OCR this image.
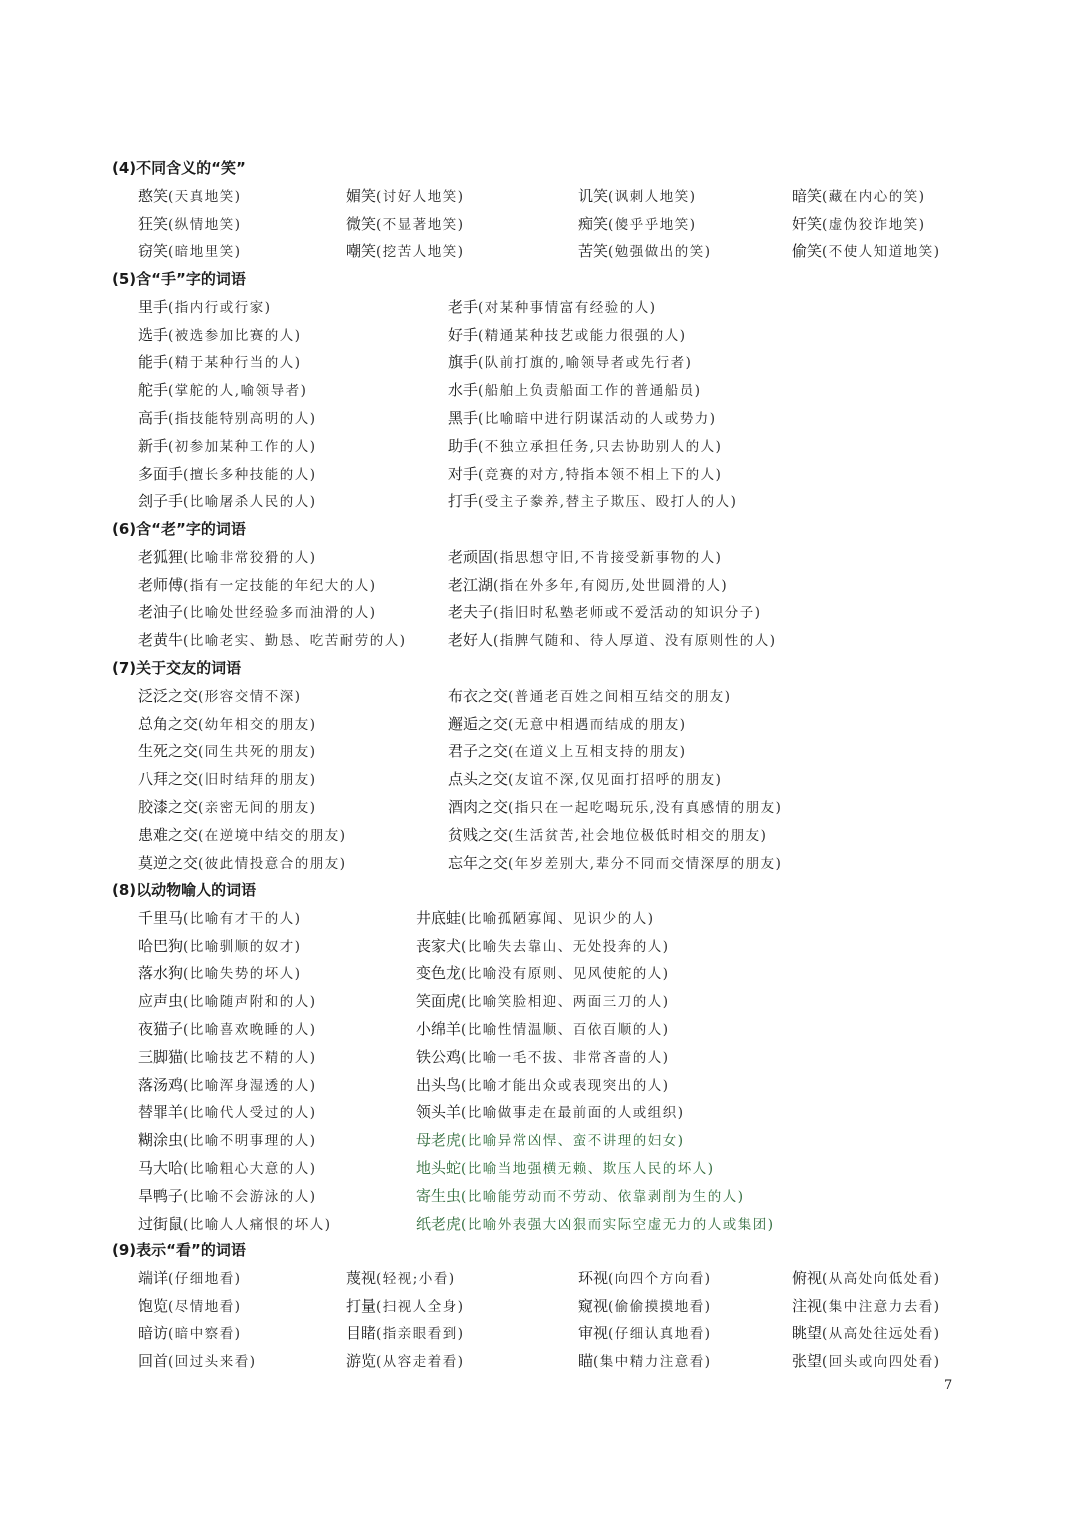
(4)不同含义的“笑”
憨笑(天真地笑)	媚笑(讨好人地笑)	讥笑(讽刺人地笑)	暗笑(藏在内心的笑)
狂笑(纵情地笑)	微笑(不显著地笑)	痴笑(傻乎乎地笑)	奸笑(虚伪狡诈地笑)
窃笑(暗地里笑)	嘲笑(挖苦人地笑)	苦笑(勉强做出的笑)	偷笑(不使人知道地笑)
(5)含“手”字的词语
里手(指内行或行家)	老手(对某种事情富有经验的人)
选手(被选参加比赛的人)	好手(精通某种技艺或能力很强的人)
能手(精于某种行当的人)	旗手(队前打旗的,喻领导者或先行者)
舵手(掌舵的人,喻领导者)	水手(船舶上负责船面工作的普通船员)
高手(指技能特别高明的人)	黑手(比喻暗中进行阴谋活动的人或势力)
新手(初参加某种工作的人)	助手(不独立承担任务,只去协助别人的人)
多面手(擅长多种技能的人)	对手(竞赛的对方,特指本领不相上下的人)
刽子手(比喻屠杀人民的人)	打手(受主子豢养,替主子欺压、殴打人的人)
(6)含“老”字的词语
老狐狸(比喻非常狡猾的人)	老顽固(指思想守旧,不肯接受新事物的人)
老师傅(指有一定技能的年纪大的人)	老江湖(指在外多年,有阅历,处世圆滑的人)
老油子(比喻处世经验多而油滑的人)	老夫子(指旧时私塾老师或不爱活动的知识分子)
老黄牛(比喻老实、勤恳、吃苦耐劳的人)	老好人(指脾气随和、待人厚道、没有原则性的人)
(7)关于交友的词语
泛泛之交(形容交情不深)	布衣之交(普通老百姓之间相互结交的朋友)
总角之交(幼年相交的朋友)	邂逅之交(无意中相遇而结成的朋友)
生死之交(同生共死的朋友)	君子之交(在道义上互相支持的朋友)
八拜之交(旧时结拜的朋友)	点头之交(友谊不深,仅见面打招呼的朋友)
胶漆之交(亲密无间的朋友)	酒肉之交(指只在一起吃喝玩乐,没有真感情的朋友)
患难之交(在逆境中结交的朋友)	贫贱之交(生活贫苦,社会地位极低时相交的朋友)
莫逆之交(彼此情投意合的朋友)	忘年之交(年岁差别大,辈分不同而交情深厚的朋友)
(8)以动物喻人的词语
千里马(比喻有才干的人)	井底蛙(比喻孤陋寡闻、见识少的人)
哈巴狗(比喻驯顺的奴才)	丧家犬(比喻失去靠山、无处投奔的人)
落水狗(比喻失势的坏人)	变色龙(比喻没有原则、见风使舵的人)
应声虫(比喻随声附和的人)	笑面虎(比喻笑脸相迎、两面三刀的人)
夜猫子(比喻喜欢晚睡的人)	小绵羊(比喻性情温顺、百依百顺的人)
三脚猫(比喻技艺不精的人)	铁公鸡(比喻一毛不拔、非常吝啬的人)
落汤鸡(比喻浑身湿透的人)	出头鸟(比喻才能出众或表现突出的人)
替罪羊(比喻代人受过的人)	领头羊(比喻做事走在最前面的人或组织)
糊涂虫(比喻不明事理的人)	母老虎(比喻异常凶悍、蛮不讲理的妇女)
马大哈(比喻粗心大意的人)	地头蛇(比喻当地强横无赖、欺压人民的坏人)
旱鸭子(比喻不会游泳的人)	寄生虫(比喻能劳动而不劳动、依靠剥削为生的人)
过街鼠(比喻人人痛恨的坏人)	纸老虎(比喻外表强大凶狠而实际空虚无力的人或集团)
(9)表示“看”的词语
端详(仔细地看)	蔑视(轻视;小看)	环视(向四个方向看)	俯视(从高处向低处看)
饱览(尽情地看)	打量(扫视人全身)	窥视(偷偷摸摸地看)	注视(集中注意力去看)
暗访(暗中察看)	目睹(指亲眼看到)	审视(仔细认真地看)	眺望(从高处往远处看)
回首(回过头来看)	游览(从容走着看)	瞄(集中精力注意看)	张望(回头或向四处看)
7
